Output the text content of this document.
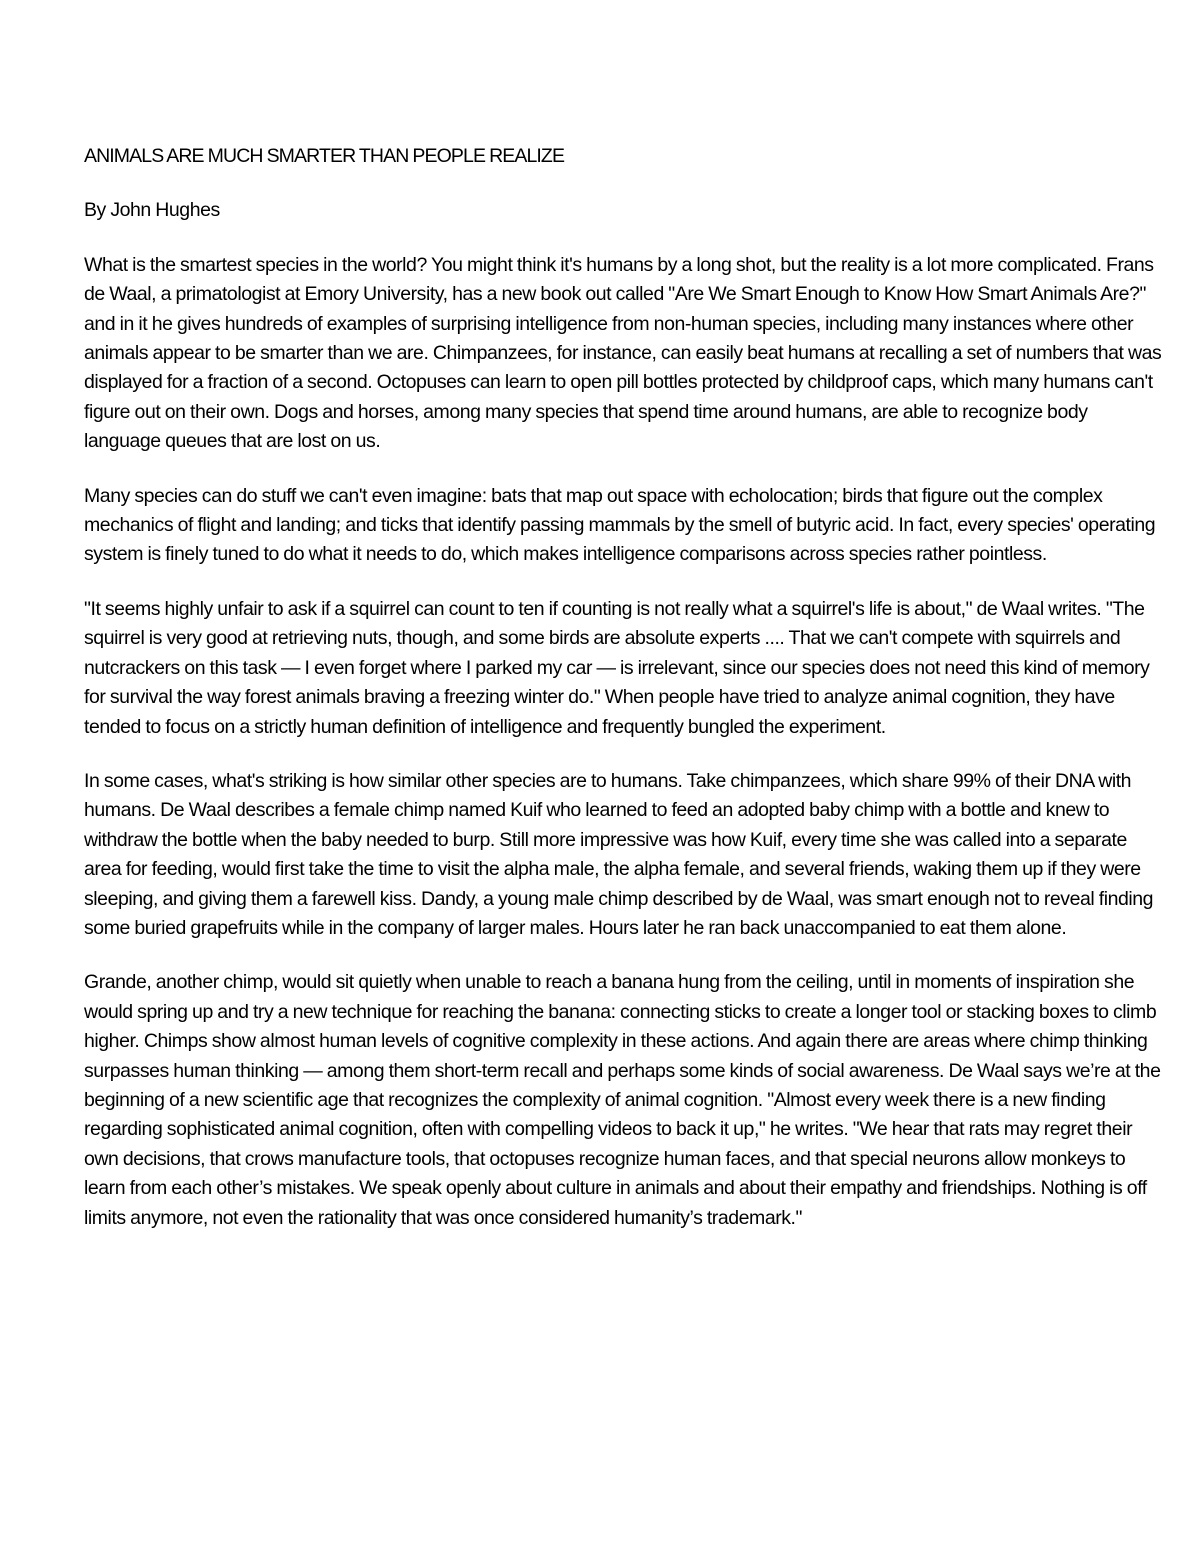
ANIMALS ARE MUCH SMARTER THAN PEOPLE REALIZE

By John Hughes

What is the smartest species in the world? You might think it's humans by a long shot, but the reality is a lot more complicated. Frans de Waal, a primatologist at Emory University, has a new book out called "Are We Smart Enough to Know How Smart Animals Are?" and in it he gives hundreds of examples of surprising intelligence from non-human species, including many instances where other animals appear to be smarter than we are. Chimpanzees, for instance, can easily beat humans at recalling a set of numbers that was displayed for a fraction of a second. Octopuses can learn to open pill bottles protected by childproof caps, which many humans can't figure out on their own. Dogs and horses, among many species that spend time around humans, are able to recognize body language queues that are lost on us.

Many species can do stuff we can't even imagine: bats that map out space with echolocation; birds that figure out the complex mechanics of flight and landing; and ticks that identify passing mammals by the smell of butyric acid. In fact, every species' operating system is finely tuned to do what it needs to do, which makes intelligence comparisons across species rather pointless.

"It seems highly unfair to ask if a squirrel can count to ten if counting is not really what a squirrel's life is about," de Waal writes. "The squirrel is very good at retrieving nuts, though, and some birds are absolute experts .... That we can't compete with squirrels and nutcrackers on this task — I even forget where I parked my car — is irrelevant, since our species does not need this kind of memory for survival the way forest animals braving a freezing winter do." When people have tried to analyze animal cognition, they have tended to focus on a strictly human definition of intelligence and frequently bungled the experiment.

In some cases, what's striking is how similar other species are to humans. Take chimpanzees, which share 99% of their DNA with humans. De Waal describes a female chimp named Kuif who learned to feed an adopted baby chimp with a bottle and knew to withdraw the bottle when the baby needed to burp. Still more impressive was how Kuif, every time she was called into a separate area for feeding, would first take the time to visit the alpha male, the alpha female, and several friends, waking them up if they were sleeping, and giving them a farewell kiss. Dandy, a young male chimp described by de Waal, was smart enough not to reveal finding some buried grapefruits while in the company of larger males. Hours later he ran back unaccompanied to eat them alone.

Grande, another chimp, would sit quietly when unable to reach a banana hung from the ceiling, until in moments of inspiration she would spring up and try a new technique for reaching the banana: connecting sticks to create a longer tool or stacking boxes to climb higher. Chimps show almost human levels of cognitive complexity in these actions. And again there are areas where chimp thinking surpasses human thinking — among them short-term recall and perhaps some kinds of social awareness. De Waal says we’re at the beginning of a new scientific age that recognizes the complexity of animal cognition. "Almost every week there is a new finding regarding sophisticated animal cognition, often with compelling videos to back it up," he writes. "We hear that rats may regret their own decisions, that crows manufacture tools, that octopuses recognize human faces, and that special neurons allow monkeys to learn from each other’s mistakes. We speak openly about culture in animals and about their empathy and friendships. Nothing is off limits anymore, not even the rationality that was once considered humanity’s trademark."
